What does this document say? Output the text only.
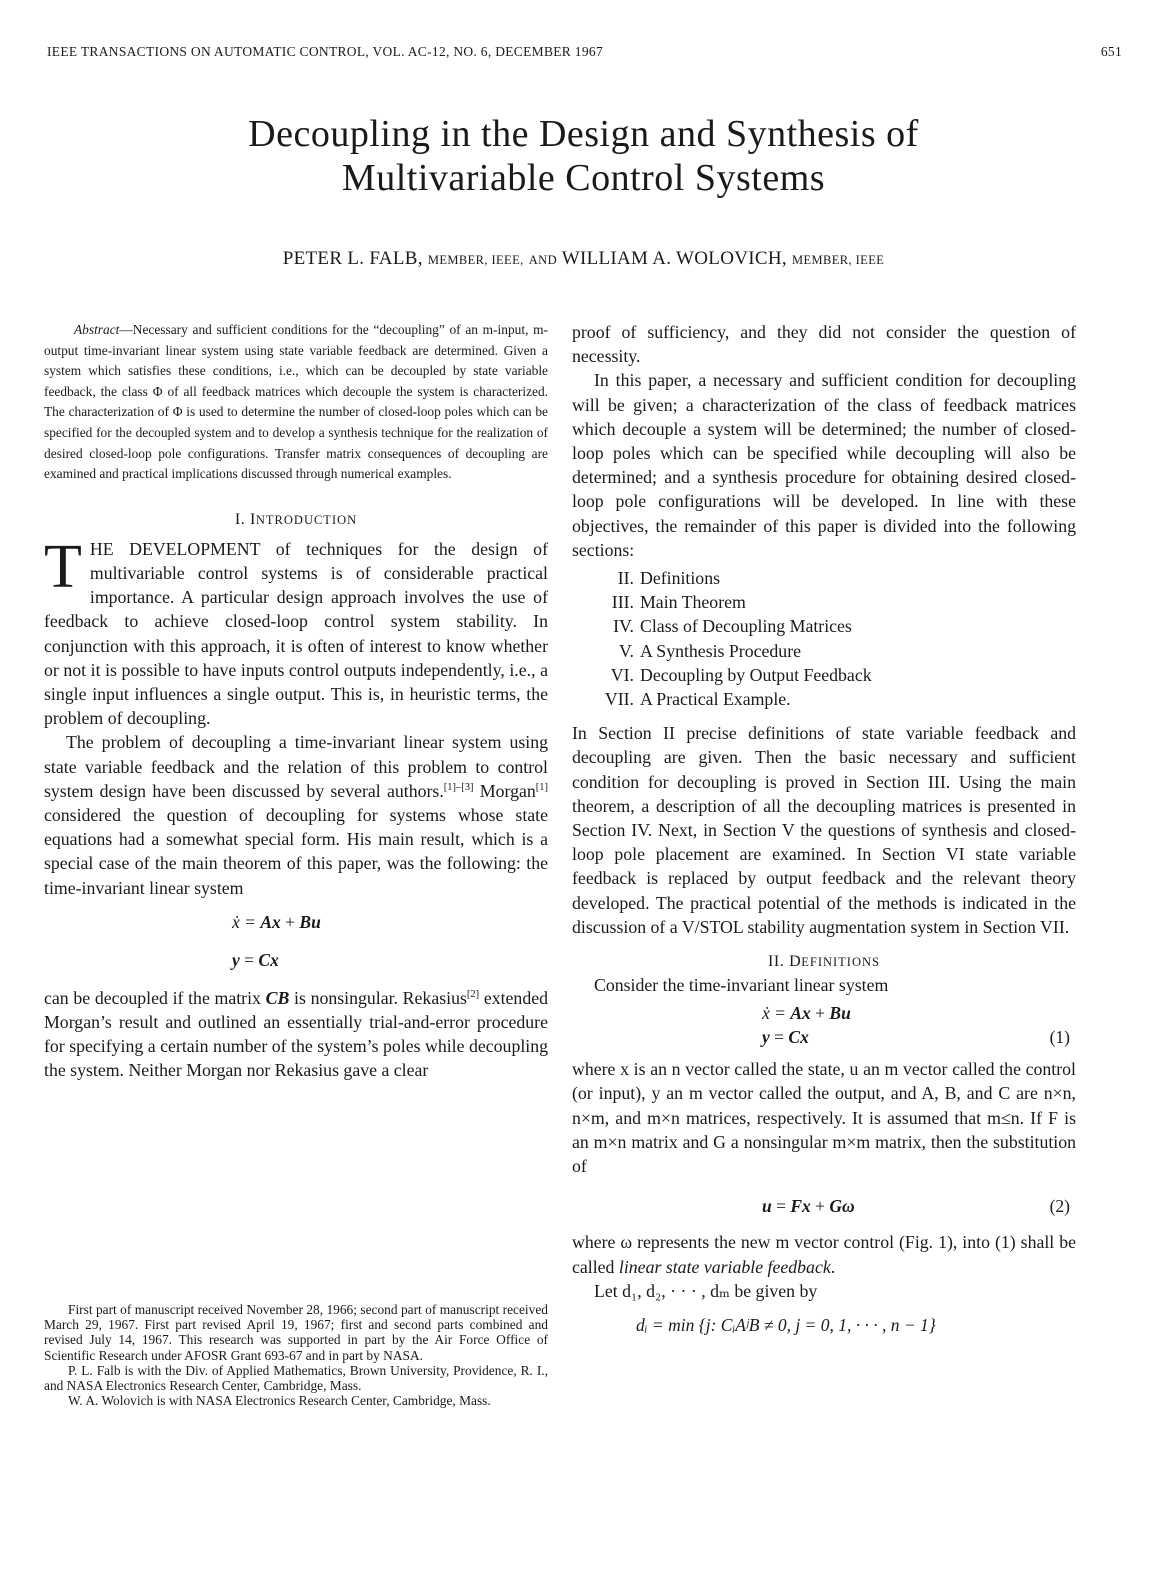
IEEE TRANSACTIONS ON AUTOMATIC CONTROL, VOL. AC-12, NO. 6, DECEMBER 1967	651
Decoupling in the Design and Synthesis of
Multivariable Control Systems
PETER L. FALB, MEMBER, IEEE, AND WILLIAM A. WOLOVICH, MEMBER, IEEE

Abstract—Necessary and sufficient conditions for the “decoupling” of an m-input, m-output time-invariant linear system using state variable feedback are determined. Given a system which satisfies these conditions, i.e., which can be decoupled by state variable feedback, the class Φ of all feedback matrices which decouple the system is characterized. The characterization of Φ is used to determine the number of closed-loop poles which can be specified for the decoupled system and to develop a synthesis technique for the realization of desired closed-loop pole configurations. Transfer matrix consequences of decoupling are examined and practical implications discussed through numerical examples.

I. INTRODUCTION

THE DEVELOPMENT of techniques for the design of multivariable control systems is of considerable practical importance. A particular design approach involves the use of feedback to achieve closed-loop control system stability. In conjunction with this approach, it is often of interest to know whether or not it is possible to have inputs control outputs independently, i.e., a single input influences a single output. This is, in heuristic terms, the problem of decoupling.

The problem of decoupling a time-invariant linear system using state variable feedback and the relation of this problem to control system design have been discussed by several authors.[1]–[3] Morgan[1] considered the question of decoupling for systems whose state equations had a somewhat special form. His main result, which is a special case of the main theorem of this paper, was the following: the time-invariant linear system

ẋ = Ax + Bu
y = Cx

can be decoupled if the matrix CB is nonsingular. Rekasius[2] extended Morgan’s result and outlined an essentially trial-and-error procedure for specifying a certain number of the system’s poles while decoupling the system. Neither Morgan nor Rekasius gave a clear

First part of manuscript received November 28, 1966; second part of manuscript received March 29, 1967. First part revised April 19, 1967; first and second parts combined and revised July 14, 1967. This research was supported in part by the Air Force Office of Scientific Research under AFOSR Grant 693-67 and in part by NASA.

P. L. Falb is with the Div. of Applied Mathematics, Brown University, Providence, R. I., and NASA Electronics Research Center, Cambridge, Mass.

W. A. Wolovich is with NASA Electronics Research Center, Cambridge, Mass.

proof of sufficiency, and they did not consider the question of necessity.

In this paper, a necessary and sufficient condition for decoupling will be given; a characterization of the class of feedback matrices which decouple a system will be determined; the number of closed-loop poles which can be specified while decoupling will also be determined; and a synthesis procedure for obtaining desired closed-loop pole configurations will be developed. In line with these objectives, the remainder of this paper is divided into the following sections:

II. Definitions
III. Main Theorem
IV. Class of Decoupling Matrices
V. A Synthesis Procedure
VI. Decoupling by Output Feedback
VII. A Practical Example.

In Section II precise definitions of state variable feedback and decoupling are given. Then the basic necessary and sufficient condition for decoupling is proved in Section III. Using the main theorem, a description of all the decoupling matrices is presented in Section IV. Next, in Section V the questions of synthesis and closed-loop pole placement are examined. In Section VI state variable feedback is replaced by output feedback and the relevant theory developed. The practical potential of the methods is indicated in the discussion of a V/STOL stability augmentation system in Section VII.

II. DEFINITIONS

Consider the time-invariant linear system

ẋ = Ax + Bu
y = Cx	(1)

where x is an n vector called the state, u an m vector called the control (or input), y an m vector called the output, and A, B, and C are n×n, n×m, and m×n matrices, respectively. It is assumed that m≤n. If F is an m×n matrix and G a nonsingular m×m matrix, then the substitution of

u = Fx + Gω	(2)

where ω represents the new m vector control (Fig. 1), into (1) shall be called linear state variable feedback.

Let d₁, d₂, · · · , dₘ be given by

dᵢ = min {j: CᵢAʲB ≠ 0, j = 0, 1, · · · , n − 1}
